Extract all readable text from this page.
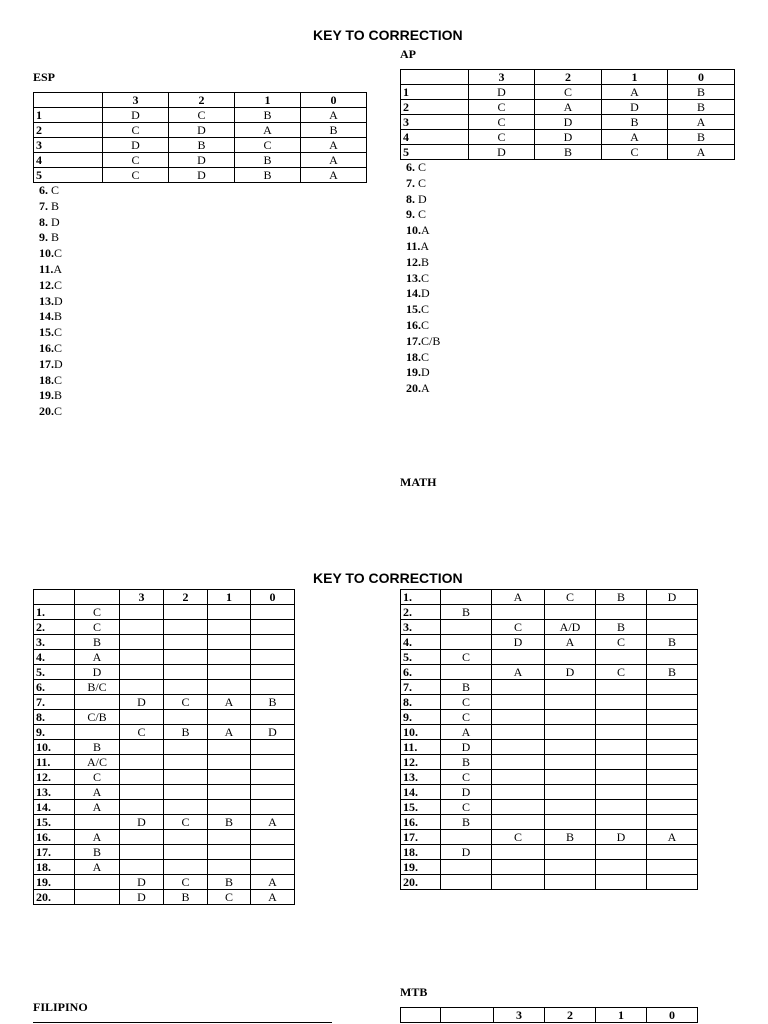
KEY TO CORRECTION
ESP
	3	2	1	0
1	D	C	B	A
2	C	D	A	B
3	D	B	C	A
4	C	D	B	A
5	C	D	B	A
6. C
7. B
8. D
9. B
10.C
11.A
12.C
13.D
14.B
15.C
16.C
17.D
18.C
19.B
20.C
AP
	3	2	1	0
1	D	C	A	B
2	C	A	D	B
3	C	D	B	A
4	C	D	A	B
5	D	B	C	A
6. C
7. C
8. D
9. C
10.A
11.A
12.B
13.C
14.D
15.C
16.C
17.C/B
18.C
19.D
20.A
MATH
KEY TO CORRECTION
		3	2	1	0
1.	C				
2.	C				
3.	B				
4.	A				
5.	D				
6.	B/C				
7.		D	C	A	B
8.	C/B				
9.		C	B	A	D
10.	B				
11.	A/C				
12.	C				
13.	A				
14.	A				
15.		D	C	B	A
16.	A				
17.	B				
18.	A				
19.		D	C	B	A
20.		D	B	C	A
1.		A	C	B	D
2.	B				
3.		C	A/D	B	
4.		D	A	C	B
5.	C				
6.		A	D	C	B
7.	B				
8.	C				
9.	C				
10.	A				
11.	D				
12.	B				
13.	C				
14.	D				
15.	C				
16.	B				
17.		C	B	D	A
18.	D				
19.					
20.					
FILIPINO
MTB
		3	2	1	0
